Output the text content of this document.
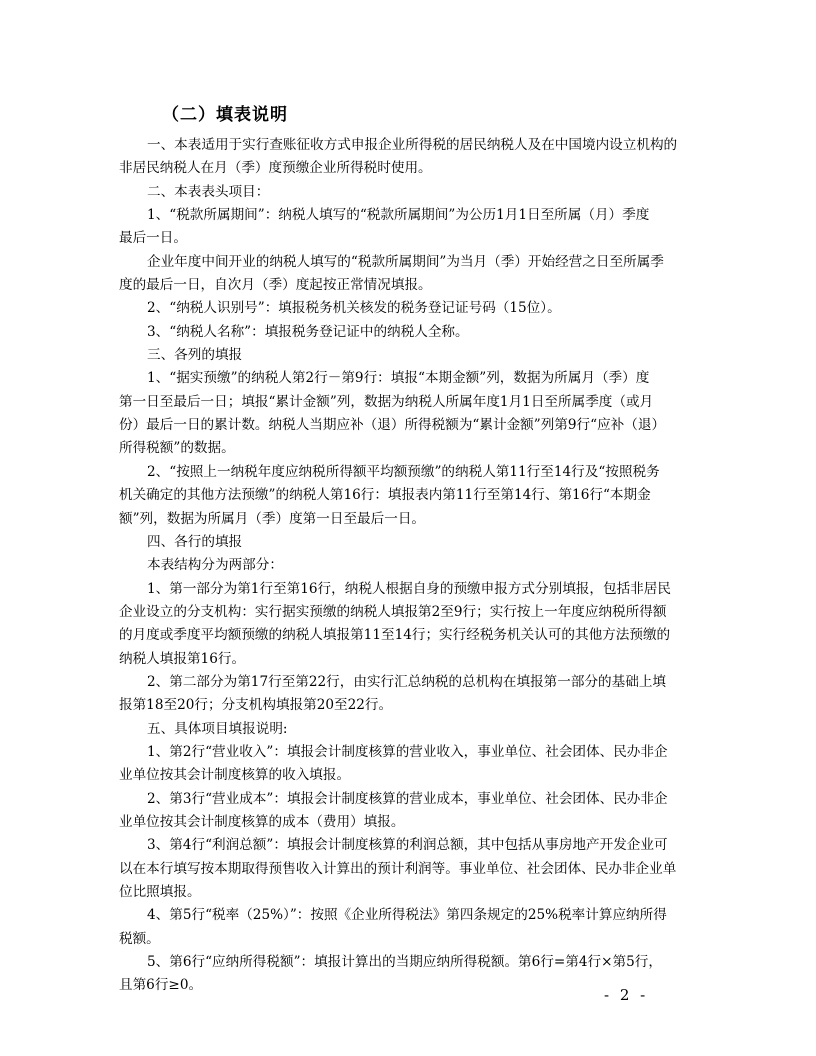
（二）填表说明
一、本表适用于实行查账征收方式申报企业所得税的居民纳税人及在中国境内设立机构的
非居民纳税人在月（季）度预缴企业所得税时使用。
二、本表表头项目：
1、“税款所属期间”：纳税人填写的“税款所属期间”为公历1月1日至所属（月）季度
最后一日。
企业年度中间开业的纳税人填写的“税款所属期间”为当月（季）开始经营之日至所属季
度的最后一日，自次月（季）度起按正常情况填报。
2、“纳税人识别号”：填报税务机关核发的税务登记证号码（15位）。
3、“纳税人名称”：填报税务登记证中的纳税人全称。
三、各列的填报
1、“据实预缴”的纳税人第2行－第9行：填报“本期金额”列，数据为所属月（季）度
第一日至最后一日；填报“累计金额”列，数据为纳税人所属年度1月1日至所属季度（或月
份）最后一日的累计数。纳税人当期应补（退）所得税额为“累计金额”列第9行“应补（退）
所得税额”的数据。
2、“按照上一纳税年度应纳税所得额平均额预缴”的纳税人第11行至14行及“按照税务
机关确定的其他方法预缴”的纳税人第16行：填报表内第11行至第14行、第16行“本期金
额”列，数据为所属月（季）度第一日至最后一日。
四、各行的填报
本表结构分为两部分：
1、第一部分为第1行至第16行，纳税人根据自身的预缴申报方式分别填报，包括非居民
企业设立的分支机构：实行据实预缴的纳税人填报第2至9行；实行按上一年度应纳税所得额
的月度或季度平均额预缴的纳税人填报第11至14行；实行经税务机关认可的其他方法预缴的
纳税人填报第16行。
2、第二部分为第17行至第22行，由实行汇总纳税的总机构在填报第一部分的基础上填
报第18至20行；分支机构填报第20至22行。
五、具体项目填报说明:
1、第2行“营业收入”：填报会计制度核算的营业收入，事业单位、社会团体、民办非企
业单位按其会计制度核算的收入填报。
2、第3行“营业成本”：填报会计制度核算的营业成本，事业单位、社会团体、民办非企
业单位按其会计制度核算的成本（费用）填报。
3、第4行“利润总额”：填报会计制度核算的利润总额，其中包括从事房地产开发企业可
以在本行填写按本期取得预售收入计算出的预计利润等。事业单位、社会团体、民办非企业单
位比照填报。
4、第5行“税率（25%）”：按照《企业所得税法》第四条规定的25%税率计算应纳所得
税额。
5、第6行“应纳所得税额”：填报计算出的当期应纳所得税额。第6行=第4行×第5行，
且第6行≥0。
- 2 -
